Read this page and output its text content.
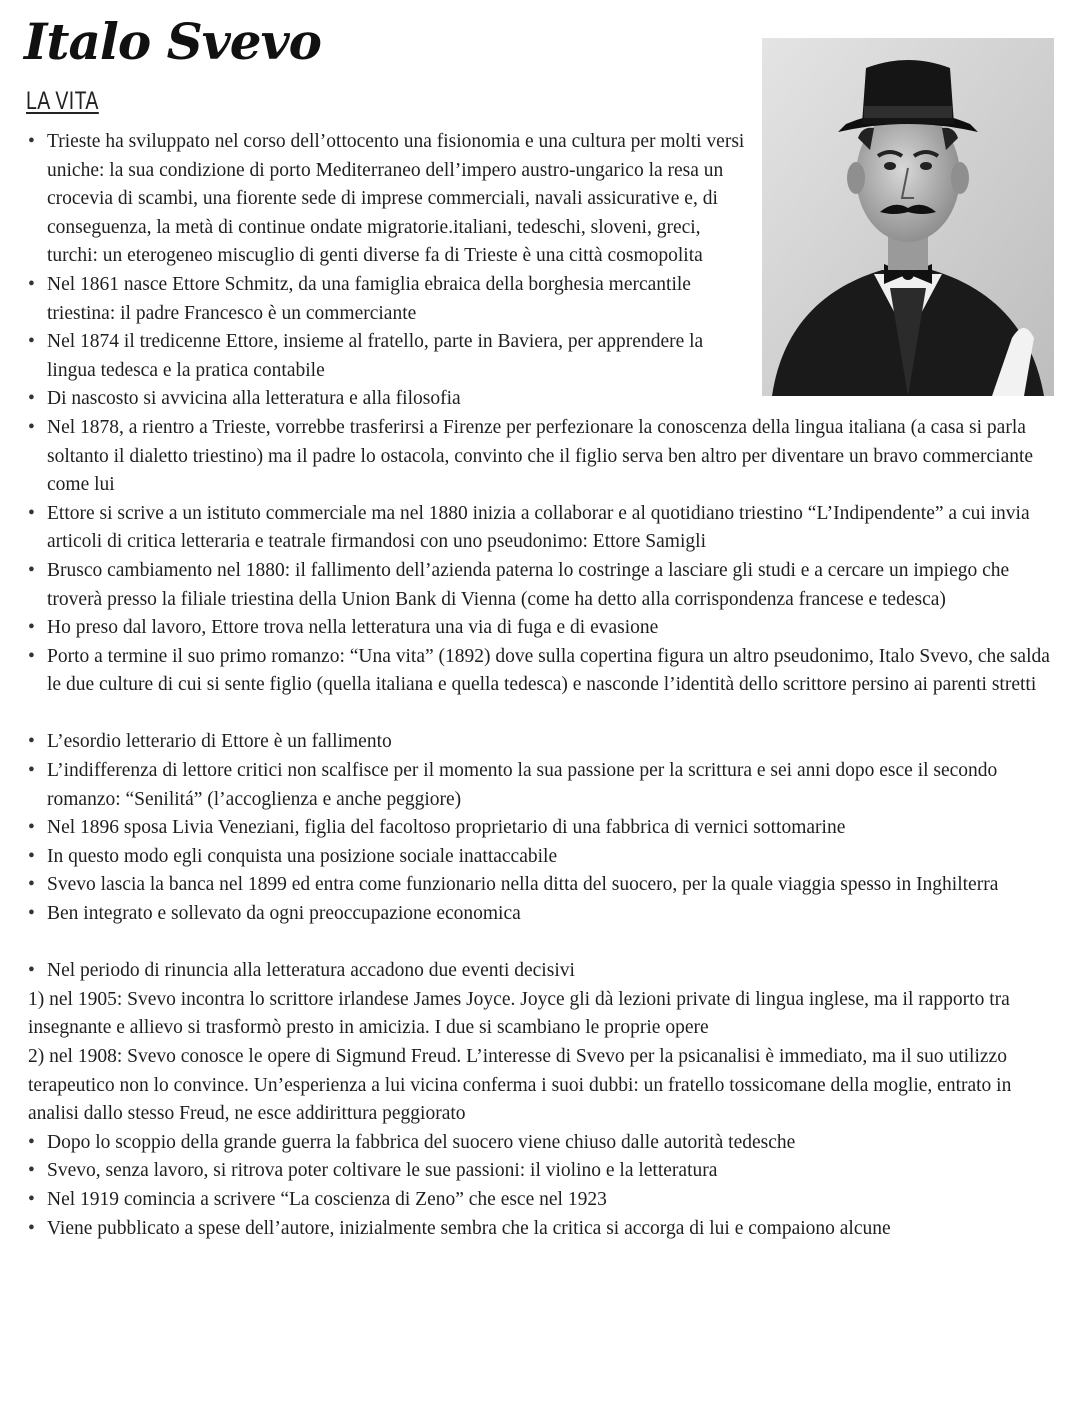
Italo Svevo
LA VITA
• Trieste ha sviluppato nel corso dell’ottocento una fisionomia e una cultura per molti versi uniche: la sua condizione di porto Mediterraneo dell’impero austro-ungarico la resa un crocevia di scambi, una fiorente sede di imprese commerciali, navali assicurative e, di conseguenza, la metà di continue ondate migratorie.italiani, tedeschi, sloveni, greci, turchi: un eterogeneo miscuglio di genti diverse fa di Trieste è una città cosmopolita
• Nel 1861 nasce Ettore Schmitz, da una famiglia ebraica della borghesia mercantile triestina: il padre Francesco è un commerciante
• Nel 1874 il tredicenne Ettore, insieme al fratello, parte in Baviera, per apprendere la lingua tedesca e la pratica contabile
• Di nascosto si avvicina alla letteratura e alla filosofia
• Nel 1878, a rientro a Trieste, vorrebbe trasferirsi a Firenze per perfezionare la conoscenza della lingua italiana (a casa si parla soltanto il dialetto triestino) ma il padre lo ostacola, convinto che il figlio serva ben altro per diventare un bravo commerciante come lui
• Ettore si scrive a un istituto commerciale ma nel 1880 inizia a collaborar e al quotidiano triestino “L’Indipendente” a cui invia articoli di critica letteraria e teatrale firmandosi con uno pseudonimo: Ettore Samigli
• Brusco cambiamento nel 1880: il fallimento dell’azienda paterna lo costringe a lasciare gli studi e a cercare un impiego che troverà presso la filiale triestina della Union Bank di Vienna (come ha detto alla corrispondenza francese e tedesca)
• Ho preso dal lavoro, Ettore trova nella letteratura una via di fuga e di evasione
• Porto a termine il suo primo romanzo: “Una vita” (1892) dove sulla copertina figura un altro pseudonimo, Italo Svevo, che salda le due culture di cui si sente figlio (quella italiana e quella tedesca) e nasconde l’identità dello scrittore persino ai parenti stretti
• L’esordio letterario di Ettore è un fallimento
• L’indifferenza di lettore critici non scalfisce per il momento la sua passione per la scrittura e sei anni dopo esce il secondo romanzo: “Senilitá” (l’accoglienza e anche peggiore)
• Nel 1896 sposa Livia Veneziani, figlia del facoltoso proprietario di una fabbrica di vernici sottomarine
• In questo modo egli conquista una posizione sociale inattaccabile
• Svevo lascia la banca nel 1899 ed entra come funzionario nella ditta del suocero, per la quale viaggia spesso in Inghilterra
• Ben integrato e sollevato da ogni preoccupazione economica
• Nel periodo di rinuncia alla letteratura accadono due eventi decisivi

1) nel 1905: Svevo incontra lo scrittore irlandese James Joyce. Joyce gli dà lezioni private di lingua inglese, ma il rapporto tra insegnante e allievo si trasformò presto in amicizia. I due si scambiano le proprie opere

2) nel 1908: Svevo conosce le opere di Sigmund Freud. L’interesse di Svevo per la psicanalisi è immediato, ma il suo utilizzo terapeutico non lo convince. Un’esperienza a lui vicina conferma i suoi dubbi: un fratello tossicomane della moglie, entrato in analisi dallo stesso Freud, ne esce addirittura peggiorato

• Dopo lo scoppio della grande guerra la fabbrica del suocero viene chiuso dalle autorità tedesche
• Svevo, senza lavoro, si ritrova poter coltivare le sue passioni: il violino e la letteratura
• Nel 1919 comincia a scrivere “La coscienza di Zeno” che esce nel 1923
• Viene pubblicato a spese dell’autore, inizialmente sembra che la critica si accorga di lui e compaiono alcune
